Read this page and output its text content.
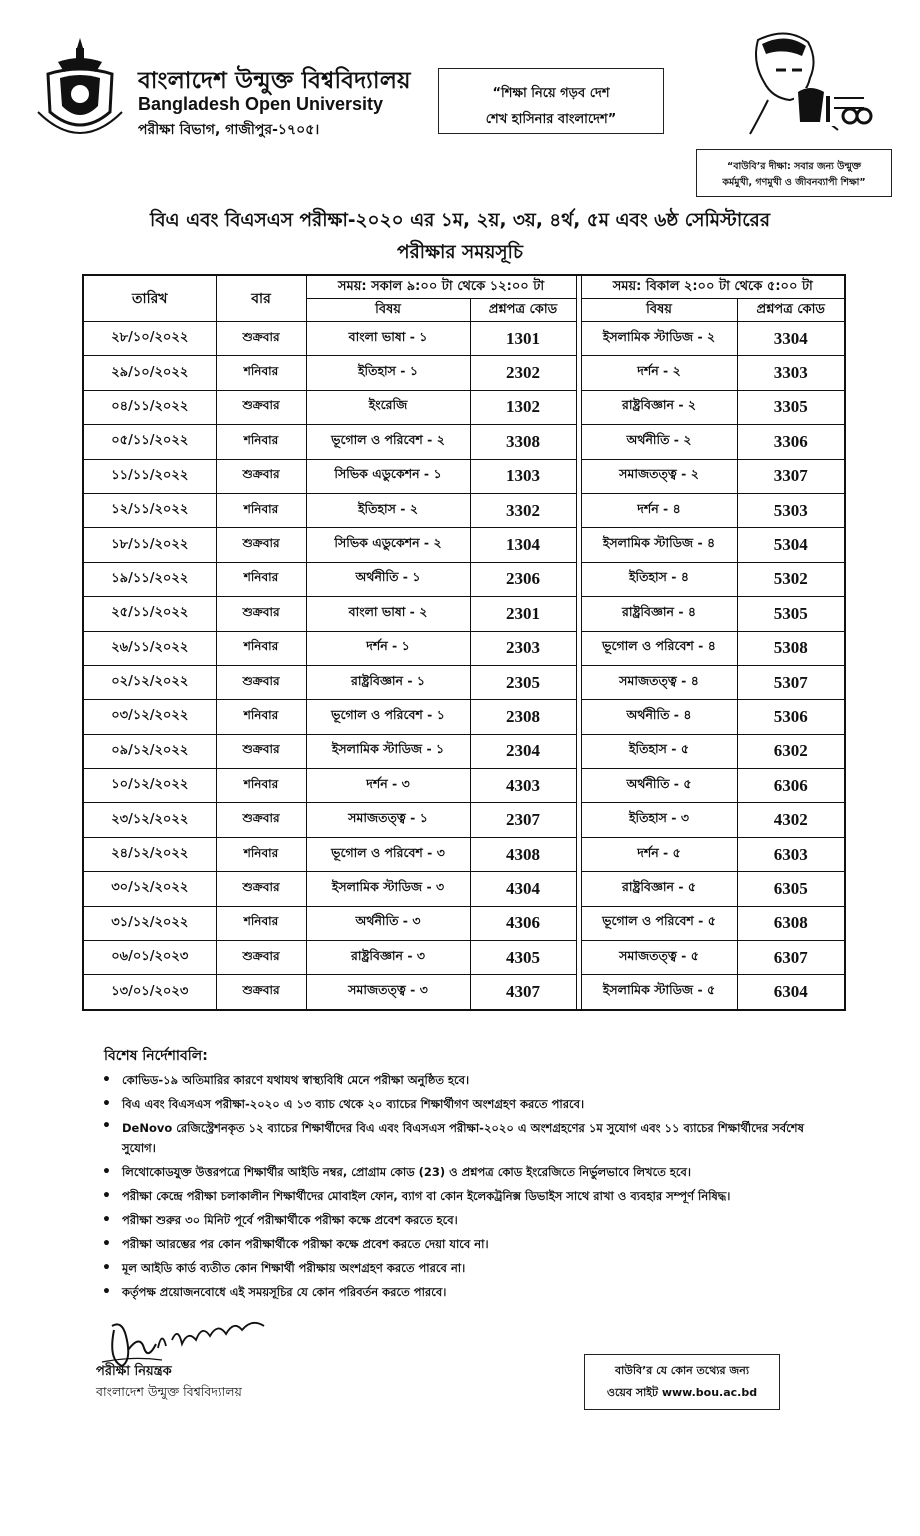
বাংলাদেশ উন্মুক্ত বিশ্ববিদ্যালয়
Bangladesh Open University
পরীক্ষা বিভাগ, গাজীপুর-১৭০৫।
“শিক্ষা নিয়ে গড়ব দেশ
শেখ হাসিনার বাংলাদেশ”
“বাউবি’র দীক্ষা: সবার জন্য উন্মুক্ত
কর্মমুখী, গণমুখী ও জীবনব্যাপী শিক্ষা”
বিএ এবং বিএসএস পরীক্ষা-২০২০ এর ১ম, ২য়, ৩য়, ৪র্থ, ৫ম এবং ৬ষ্ঠ সেমিস্টারের
পরীক্ষার সময়সূচি
তারিখ	বার	সময়: সকাল ৯:০০ টা থেকে ১২:০০ টা			সময়: বিকাল ২:০০ টা থেকে ৫:০০ টা	
		বিষয়	প্রশ্নপত্র কোড		বিষয়	প্রশ্নপত্র কোড
২৮/১০/২০২২	শুক্রবার	বাংলা ভাষা - ১	1301		ইসলামিক স্টাডিজ - ২	3304
২৯/১০/২০২২	শনিবার	ইতিহাস - ১	2302		দর্শন - ২	3303
০৪/১১/২০২২	শুক্রবার	ইংরেজি	1302		রাষ্ট্রবিজ্ঞান - ২	3305
০৫/১১/২০২২	শনিবার	ভূগোল ও পরিবেশ - ২	3308		অর্থনীতি - ২	3306
১১/১১/২০২২	শুক্রবার	সিভিক এডুকেশন - ১	1303		সমাজতত্ত্ব - ২	3307
১২/১১/২০২২	শনিবার	ইতিহাস - ২	3302		দর্শন - ৪	5303
১৮/১১/২০২২	শুক্রবার	সিভিক এডুকেশন - ২	1304		ইসলামিক স্টাডিজ - ৪	5304
১৯/১১/২০২২	শনিবার	অর্থনীতি - ১	2306		ইতিহাস - ৪	5302
২৫/১১/২০২২	শুক্রবার	বাংলা ভাষা - ২	2301		রাষ্ট্রবিজ্ঞান - ৪	5305
২৬/১১/২০২২	শনিবার	দর্শন - ১	2303		ভূগোল ও পরিবেশ - ৪	5308
০২/১২/২০২২	শুক্রবার	রাষ্ট্রবিজ্ঞান - ১	2305		সমাজতত্ত্ব - ৪	5307
০৩/১২/২০২২	শনিবার	ভূগোল ও পরিবেশ - ১	2308		অর্থনীতি - ৪	5306
০৯/১২/২০২২	শুক্রবার	ইসলামিক স্টাডিজ - ১	2304		ইতিহাস - ৫	6302
১০/১২/২০২২	শনিবার	দর্শন - ৩	4303		অর্থনীতি - ৫	6306
২৩/১২/২০২২	শুক্রবার	সমাজতত্ত্ব - ১	2307		ইতিহাস - ৩	4302
২৪/১২/২০২২	শনিবার	ভূগোল ও পরিবেশ - ৩	4308		দর্শন - ৫	6303
৩০/১২/২০২২	শুক্রবার	ইসলামিক স্টাডিজ - ৩	4304		রাষ্ট্রবিজ্ঞান - ৫	6305
৩১/১২/২০২২	শনিবার	অর্থনীতি - ৩	4306		ভূগোল ও পরিবেশ - ৫	6308
০৬/০১/২০২৩	শুক্রবার	রাষ্ট্রবিজ্ঞান - ৩	4305		সমাজতত্ত্ব - ৫	6307
১৩/০১/২০২৩	শুক্রবার	সমাজতত্ত্ব - ৩	4307		ইসলামিক স্টাডিজ - ৫	6304
বিশেষ নির্দেশাবলি:
• কোভিড-১৯ অতিমারির কারণে যথাযথ স্বাস্থ্যবিধি মেনে পরীক্ষা অনুষ্ঠিত হবে।
• বিএ এবং বিএসএস পরীক্ষা-২০২০ এ ১৩ ব্যাচ থেকে ২০ ব্যাচের শিক্ষার্থীগণ অংশগ্রহণ করতে পারবে।
• DeNovo রেজিস্ট্রেশনকৃত ১২ ব্যাচের শিক্ষার্থীদের বিএ এবং বিএসএস পরীক্ষা-২০২০ এ অংশগ্রহণের ১ম সুযোগ এবং ১১ ব্যাচের শিক্ষার্থীদের সর্বশেষ সুযোগ।
• লিথোকোডযুক্ত উত্তরপত্রে শিক্ষার্থীর আইডি নম্বর, প্রোগ্রাম কোড (23) ও প্রশ্নপত্র কোড ইংরেজিতে নির্ভুলভাবে লিখতে হবে।
• পরীক্ষা কেন্দ্রে পরীক্ষা চলাকালীন শিক্ষার্থীদের মোবাইল ফোন, ব্যাগ বা কোন ইলেকট্রনিক্স ডিভাইস সাথে রাখা ও ব্যবহার সম্পূর্ণ নিষিদ্ধ।
• পরীক্ষা শুরুর ৩০ মিনিট পূর্বে পরীক্ষার্থীকে পরীক্ষা কক্ষে প্রবেশ করতে হবে।
• পরীক্ষা আরম্ভের পর কোন পরীক্ষার্থীকে পরীক্ষা কক্ষে প্রবেশ করতে দেয়া যাবে না।
• মূল আইডি কার্ড ব্যতীত কোন শিক্ষার্থী পরীক্ষায় অংশগ্রহণ করতে পারবে না।
• কর্তৃপক্ষ প্রয়োজনবোধে এই সময়সূচির যে কোন পরিবর্তন করতে পারবে।
পরীক্ষা নিয়ন্ত্রক
বাংলাদেশ উন্মুক্ত বিশ্ববিদ্যালয়
বাউবি’র যে কোন তথ্যের জন্য
ওয়েব সাইট www.bou.ac.bd
